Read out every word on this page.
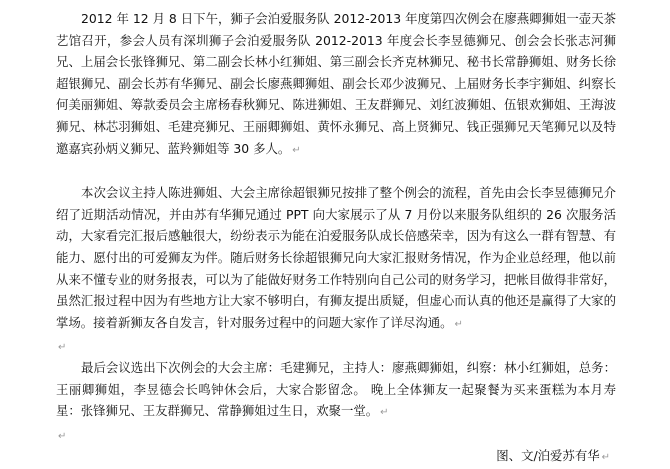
2012 年 12 月 8 日下午，狮子会泊爱服务队 2012-2013 年度第四次例会在廖燕卿狮姐一壶天茶艺馆召开，参会人员有深圳狮子会泊爱服务队 2012-2013 年度会长李昱德狮兄、创会会长张志河狮兄、上届会长张锋狮兄、第二副会长林小红狮姐、第三副会长齐克林狮兄、秘书长常静狮姐、财务长徐超银狮兄、副会长苏有华狮兄、副会长廖燕卿狮姐、副会长邓少波狮兄、上届财务长李宇狮姐、纠察长何美丽狮姐、筹款委员会主席杨春秋狮兄、陈进狮姐、王友群狮兄、刘红波狮姐、伍银欢狮姐、王海波狮兄、林芯羽狮姐、毛建亮狮兄、王丽卿狮姐、黄怀永狮兄、高上贤狮兄、钱正强狮兄天笔狮兄以及特邀嘉宾孙炳义狮兄、蓝羚狮姐等 30 多人。 ↵

本次会议主持人陈进狮姐、大会主席徐超银狮兄按排了整个例会的流程，首先由会长李昱德狮兄介绍了近期活动情况，并由苏有华狮兄通过 PPT 向大家展示了从 7 月份以来服务队组织的 26 次服务活动，大家看完汇报后感触很大，纷纷表示为能在泊爱服务队成长倍感荣幸，因为有这么一群有智慧、有能力、愿付出的可爱狮友为伴。随后财务长徐超银狮兄向大家汇报财务情况，作为企业总经理，他以前从来不懂专业的财务报表，可以为了能做好财务工作特别向自己公司的财务学习，把帐目做得非常好，虽然汇报过程中因为有些地方让大家不够明白，有狮友提出质疑，但虚心而认真的他还是赢得了大家的掌场。接着新狮友各自发言，针对服务过程中的问题大家作了详尽沟通。 ↵

↵

最后会议选出下次例会的大会主席：毛建狮兄，主持人：廖燕卿狮姐，纠察：林小红狮姐，总务：王丽卿狮姐，李昱德会长鸣钟休会后，大家合影留念。 晚上全体狮友一起聚餐为买来蛋糕为本月寿星：张锋狮兄、王友群狮兄、常静狮姐过生日，欢聚一堂。 ↵

↵
图、文/泊爱苏有华 ↵
